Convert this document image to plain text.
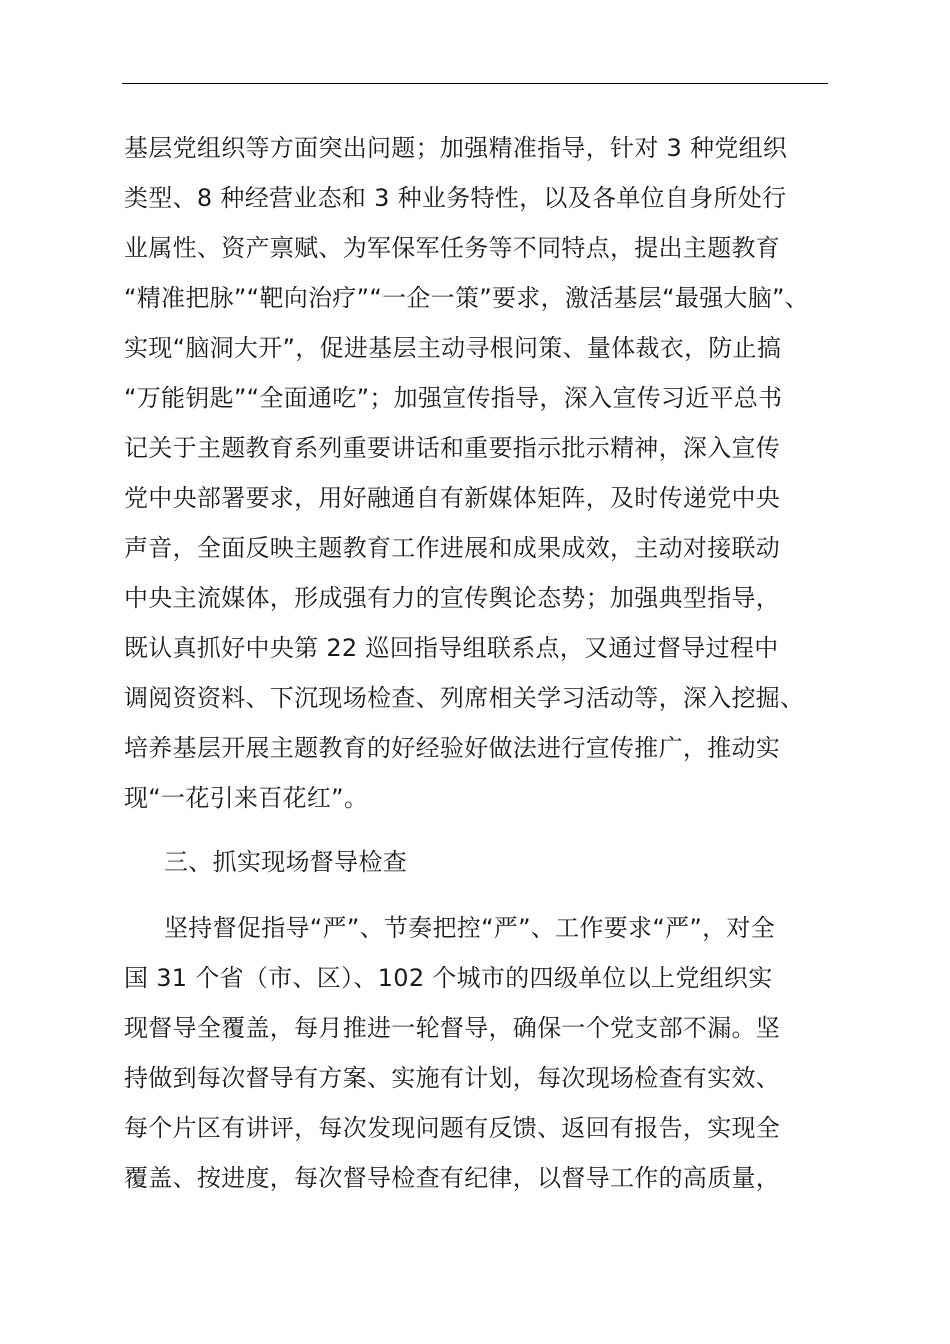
基层党组织等方面突出问题；加强精准指导，针对 3 种党组织
类型、8 种经营业态和 3 种业务特性，以及各单位自身所处行
业属性、资产禀赋、为军保军任务等不同特点，提出主题教育
“精准把脉”“靶向治疗”“一企一策”要求，激活基层“最强大脑”、
实现“脑洞大开”，促进基层主动寻根问策、量体裁衣，防止搞
“万能钥匙”“全面通吃”；加强宣传指导，深入宣传习近平总书
记关于主题教育系列重要讲话和重要指示批示精神，深入宣传
党中央部署要求，用好融通自有新媒体矩阵，及时传递党中央
声音，全面反映主题教育工作进展和成果成效，主动对接联动
中央主流媒体，形成强有力的宣传舆论态势；加强典型指导，
既认真抓好中央第 22 巡回指导组联系点，又通过督导过程中
调阅资资料、下沉现场检查、列席相关学习活动等，深入挖掘、
培养基层开展主题教育的好经验好做法进行宣传推广，推动实
现“一花引来百花红”。
三、抓实现场督导检查
坚持督促指导“严”、节奏把控“严”、工作要求“严”，对全
国 31 个省（市、区）、102 个城市的四级单位以上党组织实
现督导全覆盖，每月推进一轮督导，确保一个党支部不漏。坚
持做到每次督导有方案、实施有计划，每次现场检查有实效、
每个片区有讲评，每次发现问题有反馈、返回有报告，实现全
覆盖、按进度，每次督导检查有纪律，以督导工作的高质量，
